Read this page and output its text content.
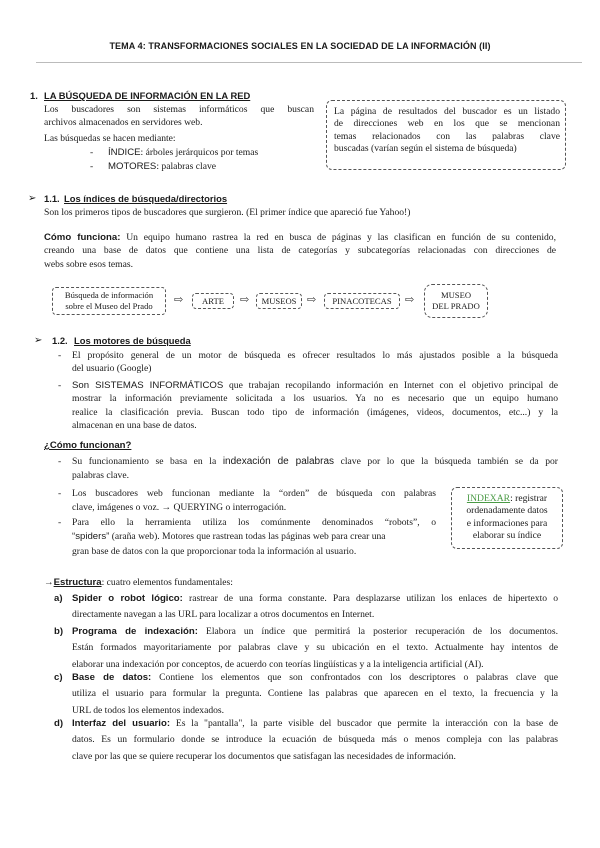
TEMA 4: TRANSFORMACIONES SOCIALES EN LA SOCIEDAD DE LA INFORMACIÓN (II)
1. LA BÚSQUEDA DE INFORMACIÓN EN LA RED
Los buscadores son sistemas informáticos que buscan
archivos almacenados en servidores web.
Las búsquedas se hacen mediante:
- ÍNDICE: árboles jerárquicos por temas
- MOTORES: palabras clave
La página de resultados del buscador es un listado
de direcciones web en los que se mencionan
temas relacionados con las palabras clave
buscadas (varían según el sistema de búsqueda)
➢ 1.1. Los índices de búsqueda/directorios
Son los primeros tipos de buscadores que surgieron. (El primer índice que apareció fue Yahoo!)
Cómo funciona: Un equipo humano rastrea la red en busca de páginas y las clasifican en función de su contenido,
creando una base de datos que contiene una lista de categorías y subcategorías relacionadas con direcciones de
webs sobre esos temas.
Búsqueda de información
sobre el Museo del Prado ⇨	ARTE	⇨	MUSEOS ⇨	PINACOTECAS	⇨	MUSEO
DEL PRADO
➢ 1.2. Los motores de búsqueda
- El propósito general de un motor de búsqueda es ofrecer resultados lo más ajustados posible a la búsqueda
del usuario (Google)
- Son SISTEMAS INFORMÁTICOS que trabajan recopilando información en Internet con el objetivo principal de
mostrar la información previamente solicitada a los usuarios. Ya no es necesario que un equipo humano
realice la clasificación previa. Buscan todo tipo de información (imágenes, videos, documentos, etc...) y la
almacenan en una base de datos.
¿Cómo funcionan?
- Su funcionamiento se basa en la indexación de palabras clave por lo que la búsqueda también se da por
palabras clave.
- Los buscadores web funcionan mediante la “orden” de búsqueda con palabras
clave, imágenes o voz. → QUERYING o interrogación.
- Para ello la herramienta utiliza los comúnmente denominados “robots”, o
“spiders” (araña web). Motores que rastrean todas las páginas web para crear una
gran base de datos con la que proporcionar toda la información al usuario.
INDEXAR: registrar
ordenadamente datos
e informaciones para
elaborar su índice
→Estructura: cuatro elementos fundamentales:
a) Spider o robot lógico: rastrear de una forma constante. Para desplazarse utilizan los enlaces de hipertexto o
directamente navegan a las URL para localizar a otros documentos en Internet.
b) Programa de indexación: Elabora un índice que permitirá la posterior recuperación de los documentos.
Están formados mayoritariamente por palabras clave y su ubicación en el texto. Actualmente hay intentos de
elaborar una indexación por conceptos, de acuerdo con teorías lingüísticas y a la inteligencia artificial (AI).
c) Base de datos: Contiene los elementos que son confrontados con los descriptores o palabras clave que
utiliza el usuario para formular la pregunta. Contiene las palabras que aparecen en el texto, la frecuencia y la
URL de todos los elementos indexados.
d) Interfaz del usuario: Es la "pantalla", la parte visible del buscador que permite la interacción con la base de
datos. Es un formulario donde se introduce la ecuación de búsqueda más o menos compleja con las palabras
clave por las que se quiere recuperar los documentos que satisfagan las necesidades de información.
